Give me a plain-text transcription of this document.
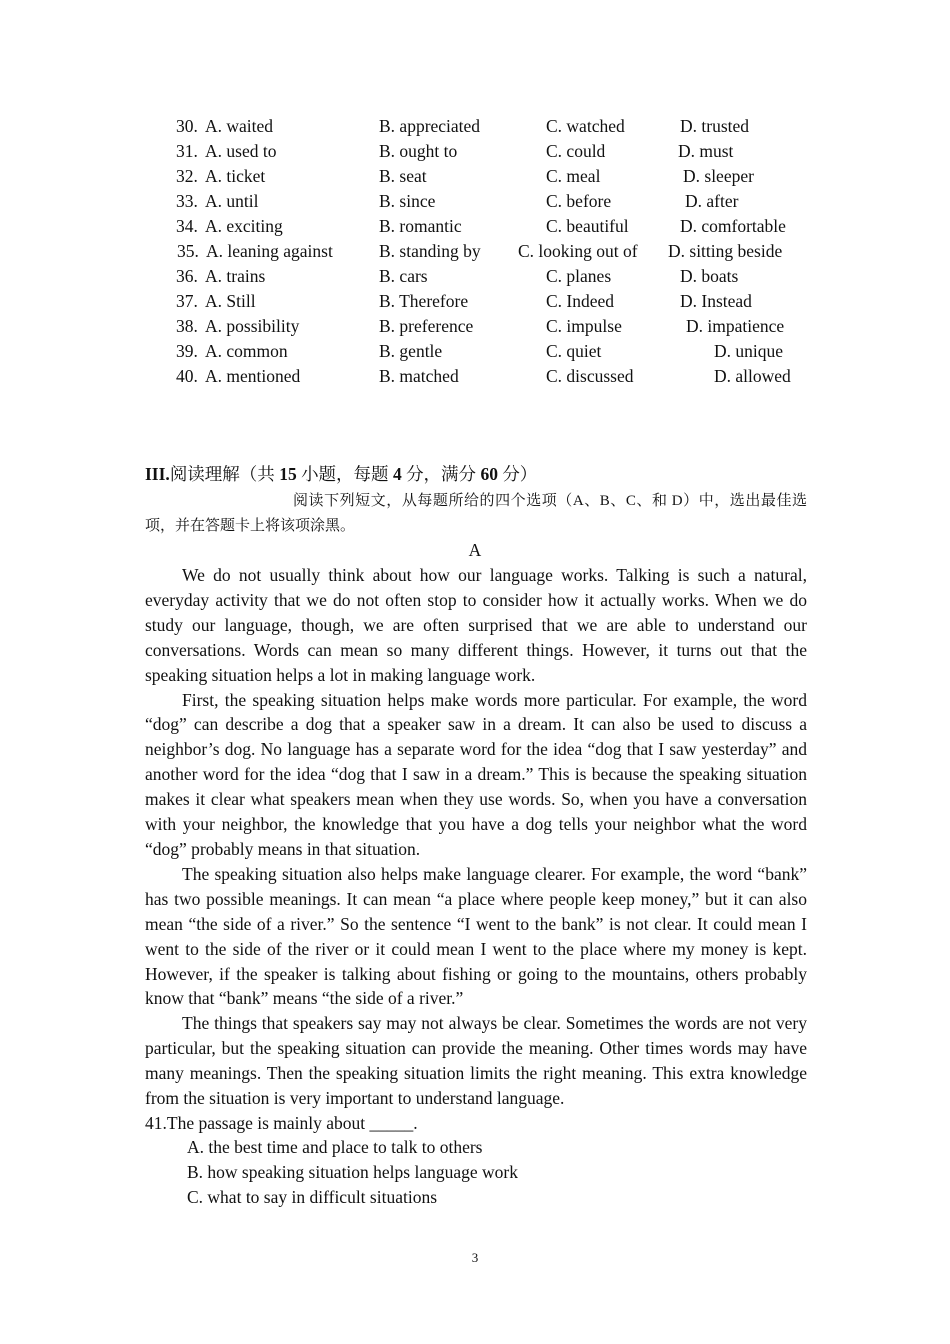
30. A. waited	B. appreciated	C. watched	D. trusted
31. A. used to	B. ought to	C. could	D. must
32. A. ticket	B. seat	C. meal	D. sleeper
33. A. until	B. since	C. before	D. after
34. A. exciting	B. romantic	C. beautiful	D. comfortable
35. A. leaning against	B. standing by C. looking out of D. sitting beside
36. A. trains	B. cars	C. planes	D. boats
37. A. Still	B. Therefore	C. Indeed	D. Instead
38. A. possibility	B. preference	C. impulse	D. impatience
39. A. common	B. gentle	C. quiet	D. unique
40. A. mentioned	B. matched	C. discussed	D. allowed
III.阅读理解（共 15 小题，每题 4 分，满分 60 分）
阅读下列短文，从每题所给的四个选项（A、B、C、和 D）中，选出最佳选项，并在答题卡上将该项涂黑。
A

We do not usually think about how our language works. Talking is such a natural, everyday activity that we do not often stop to consider how it actually works. When we do study our language, though, we are often surprised that we are able to understand our conversations. Words can mean so many different things. However, it turns out that the speaking situation helps a lot in making language work.

First, the speaking situation helps make words more particular. For example, the word “dog” can describe a dog that a speaker saw in a dream. It can also be used to discuss a neighbor’s dog. No language has a separate word for the idea “dog that I saw yesterday” and another word for the idea “dog that I saw in a dream.” This is because the speaking situation makes it clear what speakers mean when they use words. So, when you have a conversation with your neighbor, the knowledge that you have a dog tells your neighbor what the word “dog” probably means in that situation.

The speaking situation also helps make language clearer. For example, the word “bank” has two possible meanings. It can mean “a place where people keep money,” but it can also mean “the side of a river.” So the sentence “I went to the bank” is not clear. It could mean I went to the side of the river or it could mean I went to the place where my money is kept. However, if the speaker is talking about fishing or going to the mountains, others probably know that “bank” means “the side of a river.”

The things that speakers say may not always be clear. Sometimes the words are not very particular, but the speaking situation can provide the meaning. Other times words may have many meanings. Then the speaking situation limits the right meaning. This extra knowledge from the situation is very important to understand language.

41.The passage is mainly about _____.

A. the best time and place to talk to others
B. how speaking situation helps language work
C. what to say in difficult situations
3
